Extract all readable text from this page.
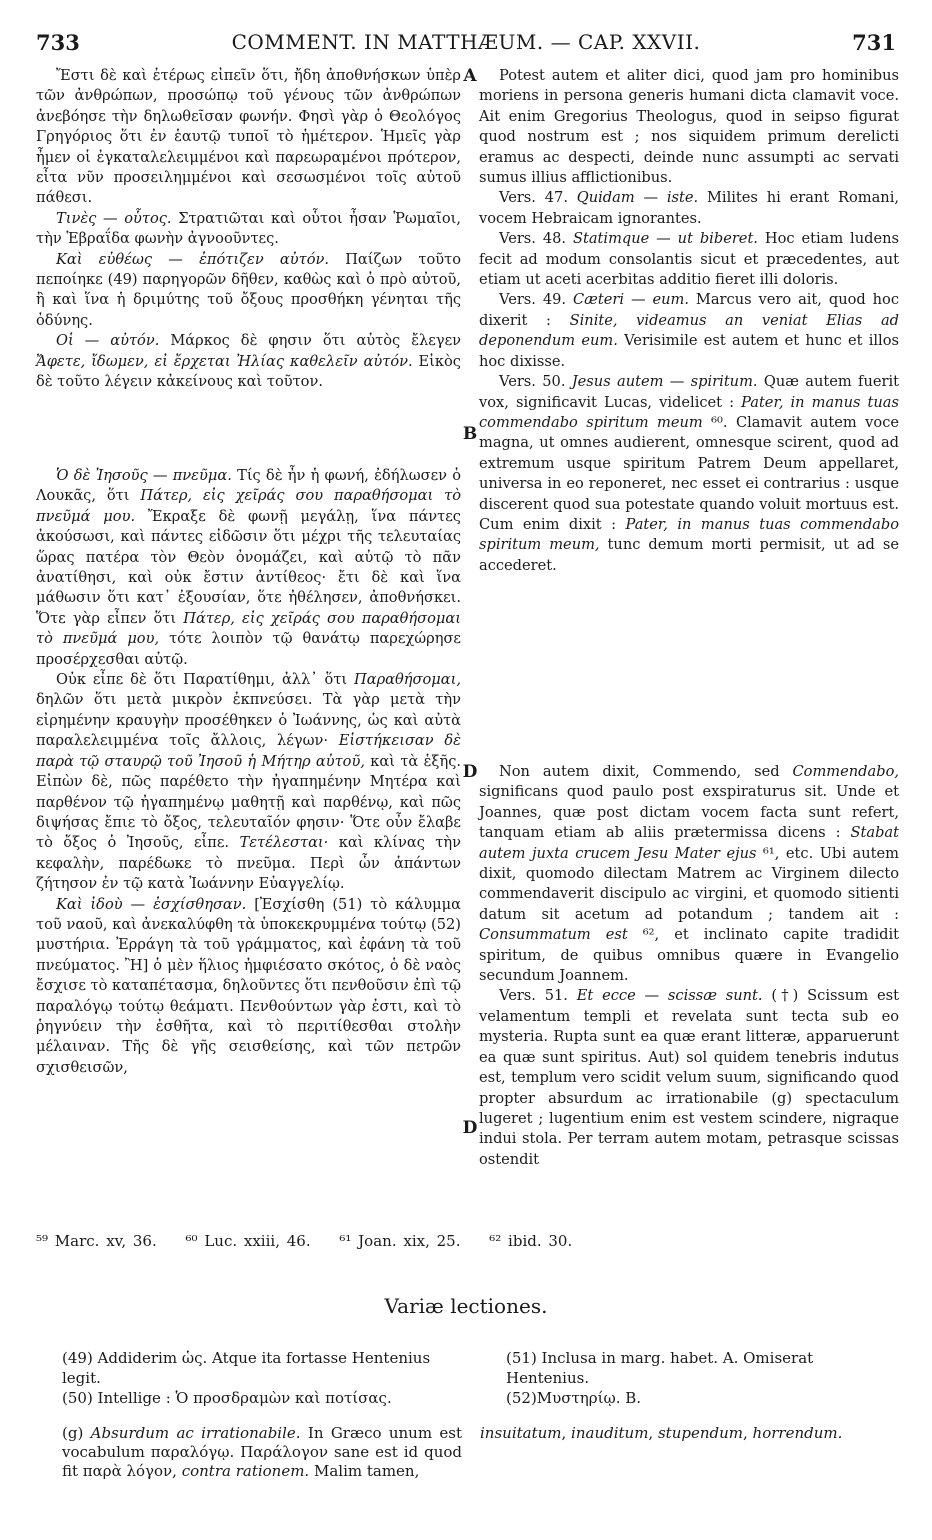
733	COMMENT. IN MATTHÆUM. — CAP. XXVII.	731

Ἔστι δὲ καὶ ἑτέρως εἰπεῖν ὅτι, ἤδη ἀποθνήσκων ὑπὲρ τῶν ἀνθρώπων, προσώπῳ τοῦ γένους τῶν ἀνθρώπων ἀνεβόησε τὴν δηλωθεῖσαν φωνήν. Φησὶ γὰρ ὁ Θεολόγος Γρηγόριος ὅτι ἐν ἑαυτῷ τυποῖ τὸ ἡμέτερον. Ἡμεῖς γὰρ ἦμεν οἱ ἐγκαταλελειμμένοι καὶ παρεωραμένοι πρότερον, εἶτα νῦν προσειλημμένοι καὶ σεσωσμένοι τοῖς αὐτοῦ πάθεσι.

Τινὲς — οὗτος. Στρατιῶται καὶ οὗτοι ἦσαν Ῥωμαῖοι, τὴν Ἑβραΐδα φωνὴν ἀγνοοῦντες.

Καὶ εὐθέως — ἐπότιζεν αὐτόν. Παίζων τοῦτο πεποίηκε (49) παρηγορῶν δῆθεν, καθὼς καὶ ὁ πρὸ αὐτοῦ, ἢ καὶ ἵνα ἡ δριμύτης τοῦ ὄξους προσθήκη γένηται τῆς ὀδύνης.

Οἱ — αὐτόν. Μάρκος δὲ φησιν ὅτι αὐτὸς ἔλεγεν Ἄφετε, ἴδωμεν, εἰ ἔρχεται Ἠλίας καθελεῖν αὐτόν. Εἰκὸς δὲ τοῦτο λέγειν κἀκείνους καὶ τοῦτον.

Ὁ δὲ Ἰησοῦς — πνεῦμα. Τίς δὲ ἦν ἡ φωνή, ἐδήλωσεν ὁ Λουκᾶς, ὅτι Πάτερ, εἰς χεῖράς σου παραθήσομαι τὸ πνεῦμά μου. Ἔκραξε δὲ φωνῇ μεγάλῃ, ἵνα πάντες ἀκούσωσι, καὶ πάντες εἰδῶσιν ὅτι μέχρι τῆς τελευταίας ὥρας πατέρα τὸν Θεὸν ὀνομάζει, καὶ αὐτῷ τὸ πᾶν ἀνατίθησι, καὶ οὐκ ἔστιν ἀντίθεος· ἔτι δὲ καὶ ἵνα μάθωσιν ὅτι κατ᾽ ἐξουσίαν, ὅτε ἠθέλησεν, ἀποθνήσκει. Ὅτε γὰρ εἶπεν ὅτι Πάτερ, εἰς χεῖράς σου παραθήσομαι τὸ πνεῦμά μου, τότε λοιπὸν τῷ θανάτῳ παρεχώρησε προσέρχεσθαι αὐτῷ.

Οὐκ εἶπε δὲ ὅτι Παρατίθημι, ἀλλ᾽ ὅτι Παραθήσομαι, δηλῶν ὅτι μετὰ μικρὸν ἐκπνεύσει. Τὰ γὰρ μετὰ τὴν εἰρημένην κραυγὴν προσέθηκεν ὁ Ἰωάννης, ὡς καὶ αὐτὰ παραλελειμμένα τοῖς ἄλλοις, λέγων· Εἱστήκεισαν δὲ παρὰ τῷ σταυρῷ τοῦ Ἰησοῦ ἡ Μήτηρ αὐτοῦ, καὶ τὰ ἑξῆς. Εἰπὼν δὲ, πῶς παρέθετο τὴν ἠγαπημένην Μητέρα καὶ παρθένον τῷ ἠγαπημένῳ μαθητῇ καὶ παρθένῳ, καὶ πῶς διψήσας ἔπιε τὸ ὄξος, τελευταῖόν φησιν· Ὅτε οὖν ἔλαβε τὸ ὄξος ὁ Ἰησοῦς, εἶπε. Τετέλεσται· καὶ κλίνας τὴν κεφαλὴν, παρέδωκε τὸ πνεῦμα. Περὶ ὧν ἁπάντων ζήτησον ἐν τῷ κατὰ Ἰωάννην Εὐαγγελίῳ.

Καὶ ἰδοὺ — ἐσχίσθησαν. [Ἐσχίσθη (51) τὸ κάλυμμα τοῦ ναοῦ, καὶ ἀνεκαλύφθη τὰ ὑποκεκρυμμένα τούτῳ (52) μυστήρια. Ἐρράγη τὰ τοῦ γράμματος, καὶ ἐφάνη τὰ τοῦ πνεύματος. Ἢ] ὁ μὲν ἥλιος ἠμφιέσατο σκότος, ὁ δὲ ναὸς ἔσχισε τὸ καταπέτασμα, δηλοῦντες ὅτι πενθοῦσιν ἐπὶ τῷ παραλόγῳ τούτῳ θεάματι. Πενθούντων γὰρ ἐστι, καὶ τὸ ῥηγνύειν τὴν ἐσθῆτα, καὶ τὸ περιτίθεσθαι στολὴν μέλαιναν. Τῆς δὲ γῆς σεισθείσης, καὶ τῶν πετρῶν σχισθεισῶν,

A
B
D
D

Potest autem et aliter dici, quod jam pro hominibus moriens in persona generis humani dicta clamavit voce. Ait enim Gregorius Theologus, quod in seipso figurat quod nostrum est ; nos siquidem primum derelicti eramus ac despecti, deinde nunc assumpti ac servati sumus illius afflictionibus.

Vers. 47. Quidam — iste. Milites hi erant Romani, vocem Hebraicam ignorantes.

Vers. 48. Statimque — ut biberet. Hoc etiam ludens fecit ad modum consolantis sicut et præcedentes, aut etiam ut aceti acerbitas additio fieret illi doloris.

Vers. 49. Cæteri — eum. Marcus vero ait, quod hoc dixerit : Sinite, videamus an veniat Elias ad deponendum eum. Verisimile est autem et hunc et illos hoc dixisse.

Vers. 50. Jesus autem — spiritum. Quæ autem fuerit vox, significavit Lucas, videlicet : Pater, in manus tuas commendabo spiritum meum ⁶⁰. Clamavit autem voce magna, ut omnes audierent, omnesque scirent, quod ad extremum usque spiritum Patrem Deum appellaret, universa in eo reponeret, nec esset ei contrarius : usque discerent quod sua potestate quando voluit mortuus est. Cum enim dixit : Pater, in manus tuas commendabo spiritum meum, tunc demum morti permisit, ut ad se accederet.

Non autem dixit, Commendo, sed Commendabo, significans quod paulo post exspiraturus sit. Unde et Joannes, quæ post dictam vocem facta sunt refert, tanquam etiam ab aliis prætermissa dicens : Stabat autem juxta crucem Jesu Mater ejus ⁶¹, etc. Ubi autem dixit, quomodo dilectam Matrem ac Virginem dilecto commendaverit discipulo ac virgini, et quomodo sitienti datum sit acetum ad potandum ; tandem ait : Consummatum est ⁶², et inclinato capite tradidit spiritum, de quibus omnibus quære in Evangelio secundum Joannem.

Vers. 51. Et ecce — scissæ sunt. (†) Scissum est velamentum templi et revelata sunt tecta sub eo mysteria. Rupta sunt ea quæ erant litteræ, apparuerunt ea quæ sunt spiritus. Aut) sol quidem tenebris indutus est, templum vero scidit velum suum, significando quod propter absurdum ac irrationabile (g) spectaculum lugeret ; lugentium enim est vestem scindere, nigraque indui stola. Per terram autem motam, petrasque scissas ostendit

⁵⁹ Marc. xv, 36. ⁶⁰ Luc. xxiii, 46. ⁶¹ Joan. xix, 25. ⁶² ibid. 30.
Variæ lectiones.
(49) Addiderim ὡς. Atque ita fortasse Hentenius legit.
(50) Intellige : Ὁ προσδραμὼν καὶ ποτίσας.
(51) Inclusa in marg. habet. A. Omiserat Hentenius.
(52)Μυστηρίῳ. B.
(g) Absurdum ac irrationabile. In Græco unum est vocabulum παραλόγῳ. Παράλογον sane est id quod fit παρὰ λόγον, contra rationem. Malim tamen,
insuitatum, inauditum, stupendum, horrendum.
